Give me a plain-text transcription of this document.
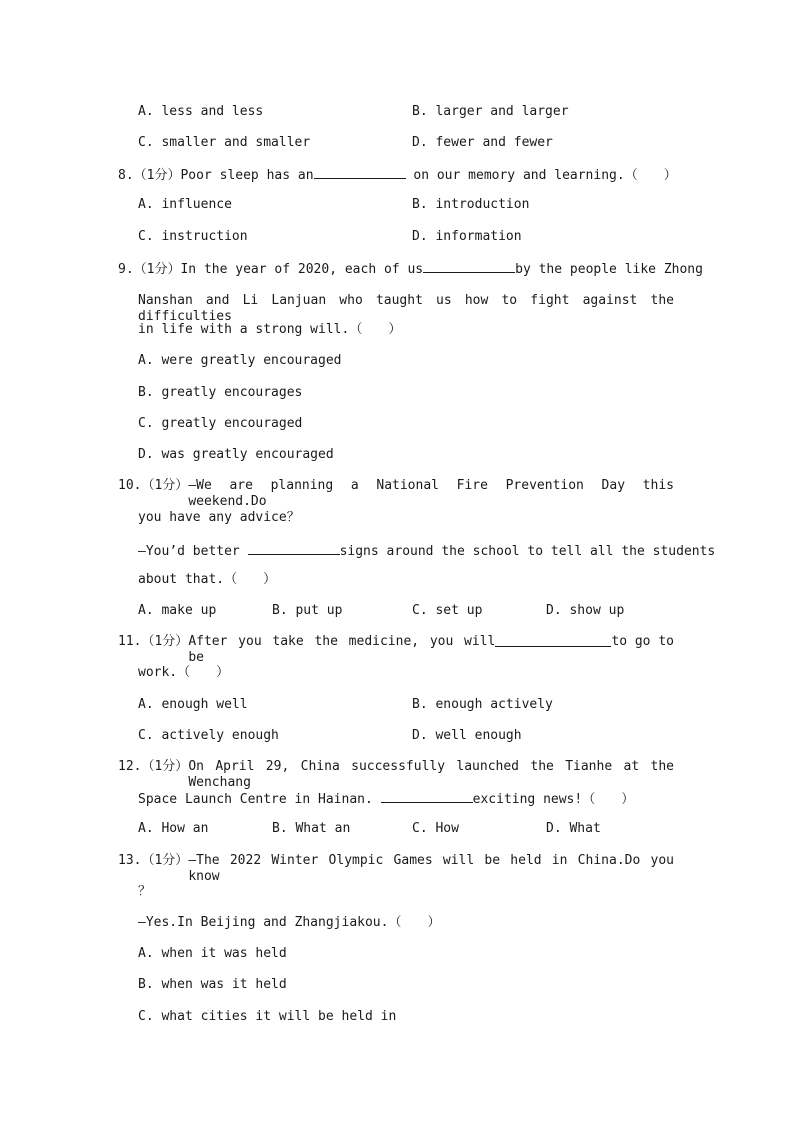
A. less and less	B. larger and larger
C. smaller and smaller	D. fewer and fewer
8.（1分）Poor sleep has an	on our memory and learning.（　　）
A. influence	B. introduction
C. instruction	D. information
9.（1分）In the year of 2020, each of us	by the people like Zhong
Nanshan and Li Lanjuan who taught us how to fight against the difficulties
in life with a strong will.（　　）
A. were greatly encouraged
B. greatly encourages
C. greatly encouraged
D. was greatly encouraged
10. （1分） —We are planning a National Fire Prevention Day this weekend.Do
you have any advice？
—You’d better	signs around the school to tell all the students
about that.（　　）
A. make up	B. put up	C. set up	D. show up
11. （1分） After you take the medicine, you will be
to go to
work.（　　）
A. enough well	B. enough actively
C. actively enough	D. well enough
12. （1分） On April 29, China successfully launched the Tianhe at the Wenchang
Space Launch Centre in Hainan.	exciting news!（　　）
A. How an	B. What an	C. How	D. What
13. （1分） —The 2022 Winter Olympic Games will be held in China.Do you know
？
—Yes.In Beijing and Zhangjiakou.（　　）
A. when it was held
B. when was it held
C. what cities it will be held in
